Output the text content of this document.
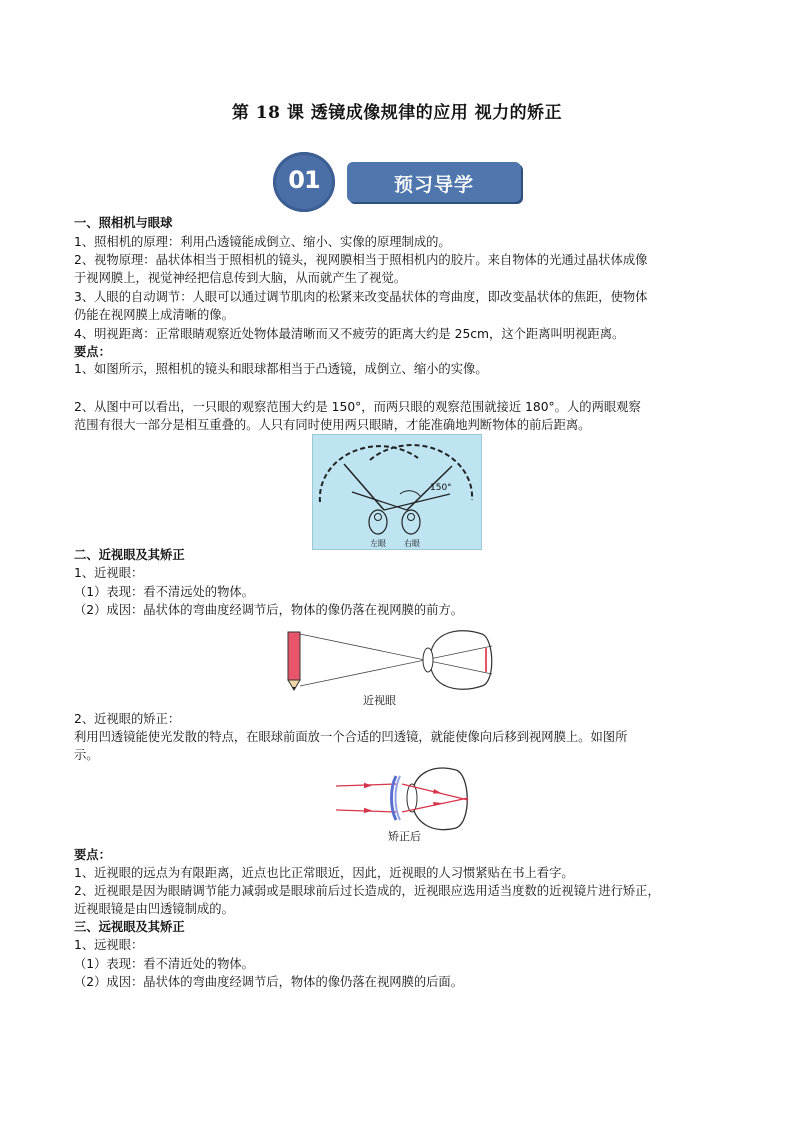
第 18 课 透镜成像规律的应用 视力的矫正
01	预习导学
一、照相机与眼球
1、照相机的原理：利用凸透镜能成倒立、缩小、实像的原理制成的。
2、视物原理：晶状体相当于照相机的镜头，视网膜相当于照相机内的胶片。来自物体的光通过晶状体成像
于视网膜上，视觉神经把信息传到大脑，从而就产生了视觉。
3、人眼的自动调节：人眼可以通过调节肌肉的松紧来改变晶状体的弯曲度，即改变晶状体的焦距，使物体
仍能在视网膜上成清晰的像。
4、明视距离：正常眼睛观察近处物体最清晰而又不疲劳的距离大约是 25cm，这个距离叫明视距离。
要点：
1、如图所示，照相机的镜头和眼球都相当于凸透镜，成倒立、缩小的实像。
2、从图中可以看出，一只眼的观察范围大约是 150°，而两只眼的观察范围就接近 180°。人的两眼观察
范围有很大一部分是相互重叠的。人只有同时使用两只眼睛，才能准确地判断物体的前后距离。
150°
左眼 右眼
二、近视眼及其矫正
1、近视眼：
（1）表现：看不清远处的物体。
（2）成因：晶状体的弯曲度经调节后，物体的像仍落在视网膜的前方。
近视眼
2、近视眼的矫正：
利用凹透镜能使光发散的特点，在眼球前面放一个合适的凹透镜，就能使像向后移到视网膜上。如图所
示。
矫正后
要点：
1、近视眼的远点为有限距离，近点也比正常眼近，因此，近视眼的人习惯紧贴在书上看字。
2、近视眼是因为眼睛调节能力减弱或是眼球前后过长造成的，近视眼应选用适当度数的近视镜片进行矫正，
近视眼镜是由凹透镜制成的。
三、远视眼及其矫正
1、远视眼：
（1）表现：看不清近处的物体。
（2）成因：晶状体的弯曲度经调节后，物体的像仍落在视网膜的后面。
